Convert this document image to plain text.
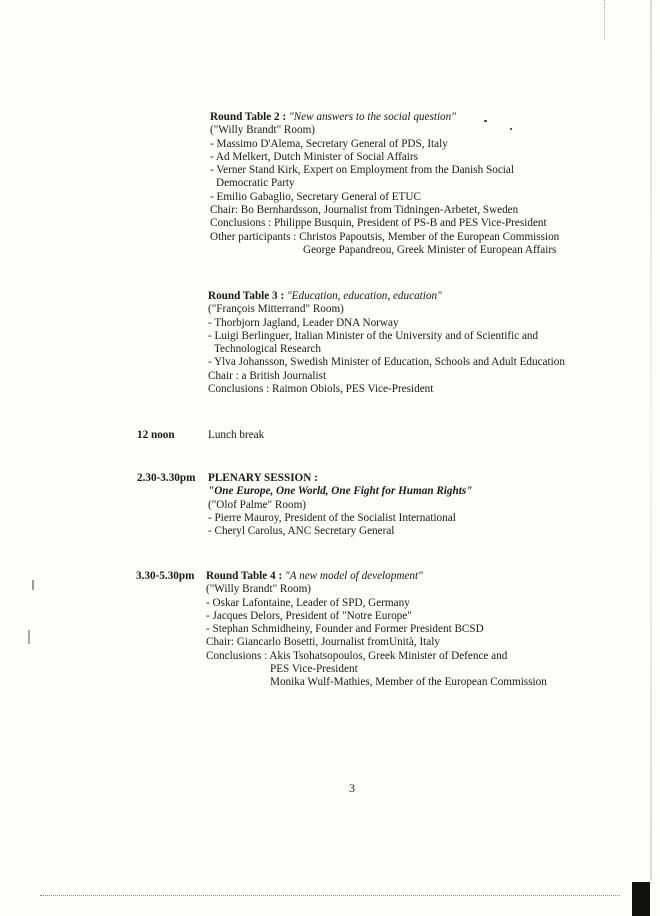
Round Table 2 : "New answers to the social question"
("Willy Brandt" Room)
- Massimo D'Alema, Secretary General of PDS, Italy
- Ad Melkert, Dutch Minister of Social Affairs
- Verner Stand Kirk, Expert on Employment from the Danish Social
Democratic Party
- Emilio Gabaglio, Secretary General of ETUC
Chair: Bo Bernhardsson, Journalist from Tidningen-Arbetet, Sweden
Conclusions : Philippe Busquin, President of PS-B and PES Vice-President
Other participants : Christos Papoutsis, Member of the European Commission
George Papandreou, Greek Minister of European Affairs
Round Table 3 : "Education, education, education"
("François Mitterrand" Room)
- Thorbjorn Jagland, Leader DNA Norway
- Luigi Berlinguer, Italian Minister of the University and of Scientific and
Technological Research
- Ylva Johansson, Swedish Minister of Education, Schools and Adult Education
Chair : a British Journalist
Conclusions : Raimon Obiols, PES Vice-President
12 noon	Lunch break
2.30-3.30pm PLENARY SESSION :
"One Europe, One World, One Fight for Human Rights"
("Olof Palme" Room)
- Pierre Mauroy, President of the Socialist International
- Cheryl Carolus, ANC Secretary General
3.30-5.30pm Round Table 4 : "A new model of development"
("Willy Brandt" Room)
- Oskar Lafontaine, Leader of SPD, Germany
- Jacques Delors, President of "Notre Europe"
- Stephan Schmidheiny, Founder and Former President BCSD
Chair: Giancarlo Bosetti, Journalist fromUnità, Italy
Conclusions : Akis Tsohatsopoulos, Greek Minister of Defence and
PES Vice-President
Monika Wulf-Mathies, Member of the European Commission
3
